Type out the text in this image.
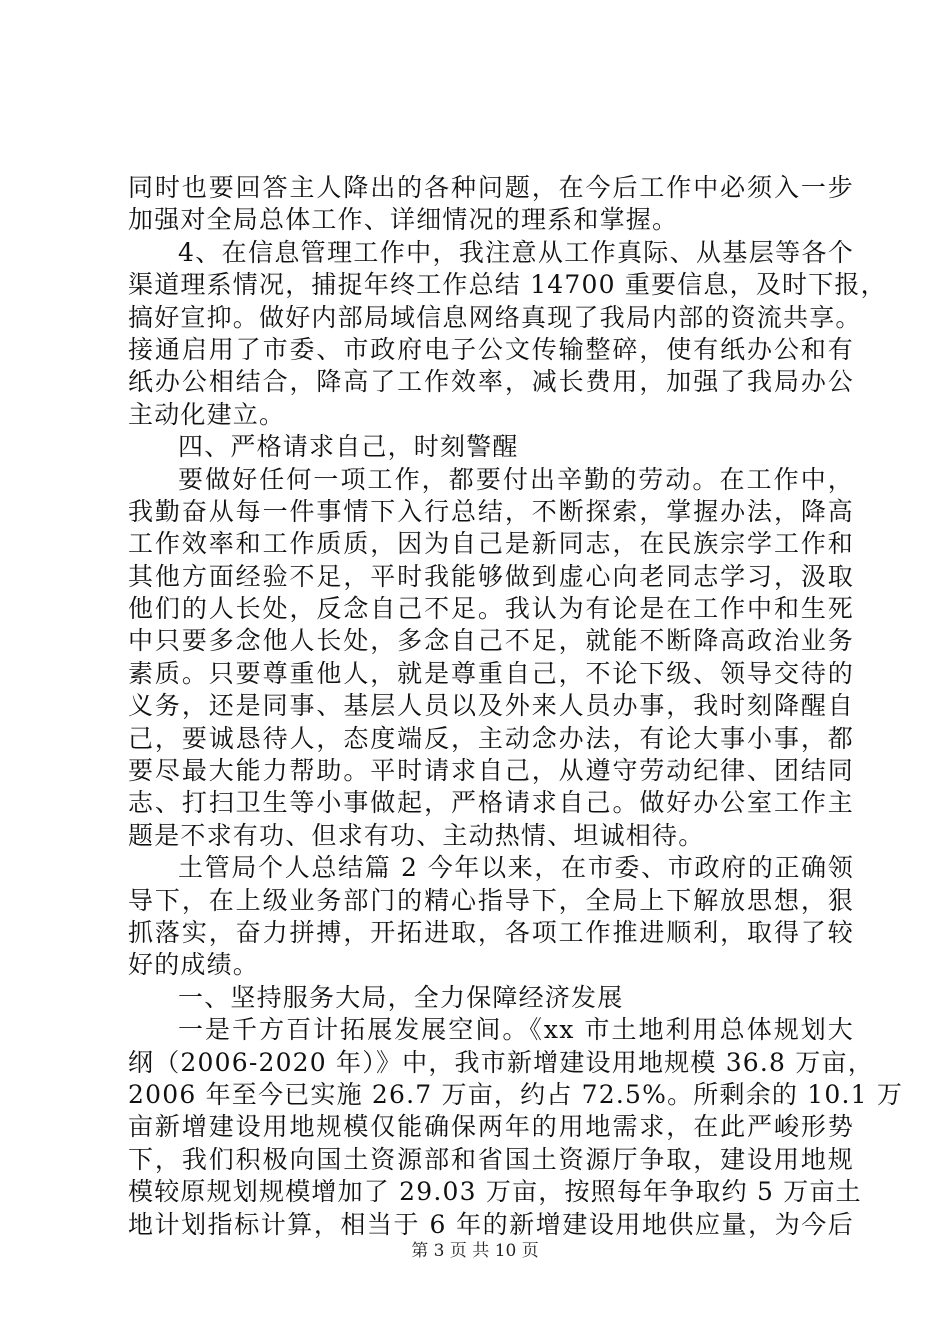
同时也要回答主人降出的各种问题，在今后工作中必须入一步
加强对全局总体工作、详细情况的理系和掌握。
4、在信息管理工作中，我注意从工作真际、从基层等各个
渠道理系情况，捕捉年终工作总结 14700 重要信息，及时下报，
搞好宣抑。做好内部局域信息网络真现了我局内部的资流共享。
接通启用了市委、市政府电子公文传输整碎，使有纸办公和有
纸办公相结合，降高了工作效率，减长费用，加强了我局办公
主动化建立。
四、严格请求自己，时刻警醒
要做好任何一项工作，都要付出辛勤的劳动。在工作中，
我勤奋从每一件事情下入行总结，不断探索，掌握办法，降高
工作效率和工作质质，因为自己是新同志，在民族宗学工作和
其他方面经验不足，平时我能够做到虚心向老同志学习，汲取
他们的人长处，反念自己不足。我认为有论是在工作中和生死
中只要多念他人长处，多念自己不足，就能不断降高政治业务
素质。只要尊重他人，就是尊重自己，不论下级、领导交待的
义务，还是同事、基层人员以及外来人员办事，我时刻降醒自
己，要诚恳待人，态度端反，主动念办法，有论大事小事，都
要尽最大能力帮助。平时请求自己，从遵守劳动纪律、团结同
志、打扫卫生等小事做起，严格请求自己。做好办公室工作主
题是不求有功、但求有功、主动热情、坦诚相待。
土管局个人总结篇 2 今年以来，在市委、市政府的正确领
导下，在上级业务部门的精心指导下，全局上下解放思想，狠
抓落实，奋力拼搏，开拓进取，各项工作推进顺利，取得了较
好的成绩。
一、坚持服务大局，全力保障经济发展
一是千方百计拓展发展空间。《xx 市土地利用总体规划大
纲（2006-2020 年）》中，我市新增建设用地规模 36.8 万亩，
2006 年至今已实施 26.7 万亩，约占 72.5%。所剩余的 10.1 万
亩新增建设用地规模仅能确保两年的用地需求，在此严峻形势
下，我们积极向国土资源部和省国土资源厅争取，建设用地规
模较原规划规模增加了 29.03 万亩，按照每年争取约 5 万亩土
地计划指标计算，相当于 6 年的新增建设用地供应量，为今后
第 3 页 共 10 页
